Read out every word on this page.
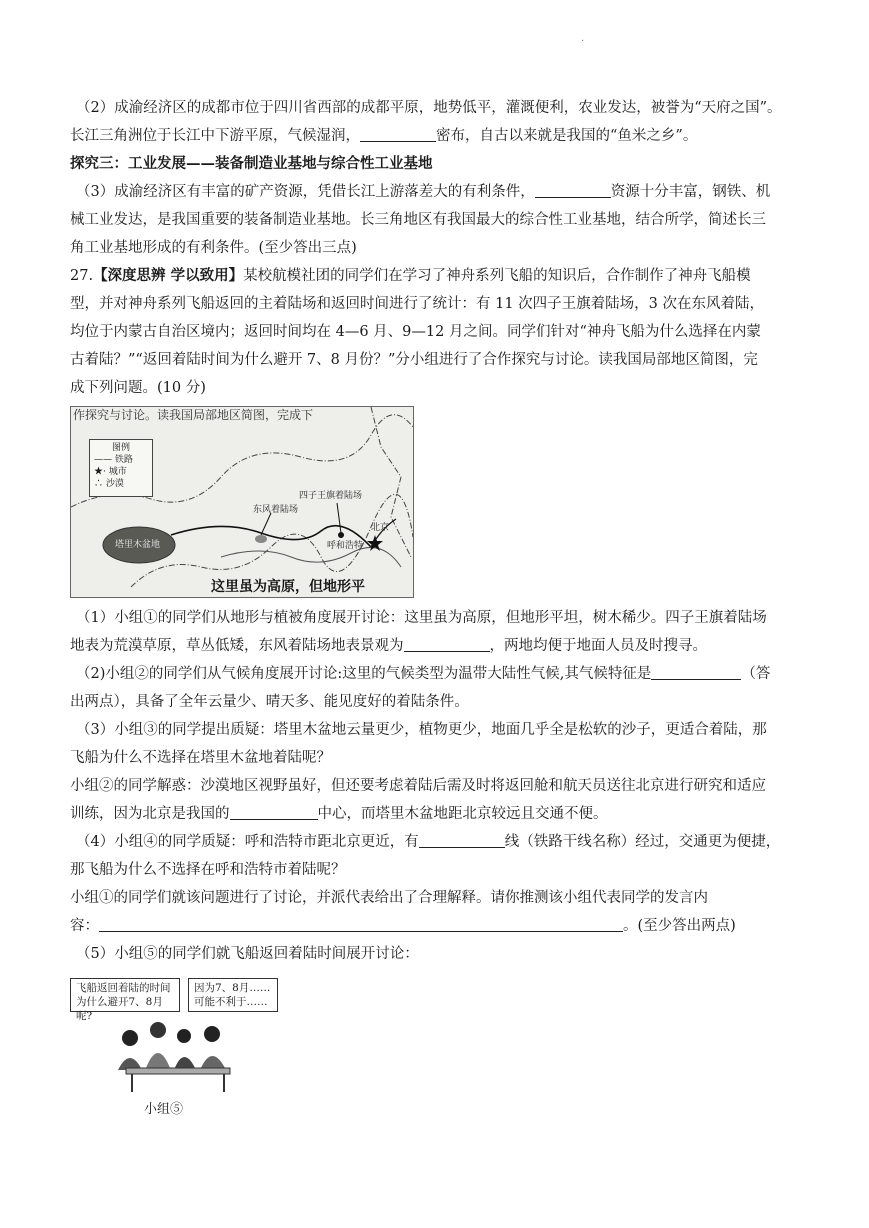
·
（2）成渝经济区的成都市位于四川省西部的成都平原，地势低平，灌溉便利，农业发达，被誉为“天府之国”。
长江三角洲位于长江中下游平原，气候湿润，	密布，自古以来就是我国的“鱼米之乡”。
探究三：工业发展——装备制造业基地与综合性工业基地
（3）成渝经济区有丰富的矿产资源，凭借长江上游落差大的有利条件，	资源十分丰富，钢铁、机
械工业发达，是我国重要的装备制造业基地。长三角地区有我国最大的综合性工业基地，结合所学，简述长三
角工业基地形成的有利条件。(至少答出三点)
27.【深度思辨 学以致用】某校航模社团的同学们在学习了神舟系列飞船的知识后，合作制作了神舟飞船模
型，并对神舟系列飞船返回的主着陆场和返回时间进行了统计：有 11 次四子王旗着陆场，3 次在东风着陆，
均位于内蒙古自治区境内；返回时间均在 4—6 月、9—12 月之间。同学们针对“神舟飞船为什么选择在内蒙
古着陆？”“返回着陆时间为什么避开 7、8 月份？”分小组进行了合作探究与讨论。读我国局部地区简图，完
成下列问题。(10 分)
作探究与讨论。读我国局部地区简图，完成下
图例
—— 铁路
★· 城市
∴ 沙漠
四子王旗着陆场
东风着陆场
北京
呼和浩特
塔里木盆地
这里虽为高原，但地形平
（1）小组①的同学们从地形与植被角度展开讨论：这里虽为高原，但地形平坦，树木稀少。四子王旗着陆场
地表为荒漠草原，草丛低矮，东风着陆场地表景观为	，两地均便于地面人员及时搜寻。
（2)小组②的同学们从气候角度展开讨论:这里的气候类型为温带大陆性气候,其气候特征是	（答
出两点），具备了全年云量少、晴天多、能见度好的着陆条件。
（3）小组③的同学提出质疑：塔里木盆地云量更少，植物更少，地面几乎全是松软的沙子，更适合着陆，那
飞船为什么不选择在塔里木盆地着陆呢？
小组②的同学解惑：沙漠地区视野虽好，但还要考虑着陆后需及时将返回舱和航天员送往北京进行研究和适应
训练，因为北京是我国的	中心，而塔里木盆地距北京较远且交通不便。
（4）小组④的同学质疑：呼和浩特市距北京更近，有	线（铁路干线名称）经过，交通更为便捷，
那飞船为什么不选择在呼和浩特市着陆呢？
小组①的同学们就该问题进行了讨论，并派代表给出了合理解释。请你推测该小组代表同学的发言内
容：	。(至少答出两点)
（5）小组⑤的同学们就飞船返回着陆时间展开讨论：
飞船返回着陆的时间为什么避开7、8月呢?
因为7、8月……可能不利于……
小组⑤
